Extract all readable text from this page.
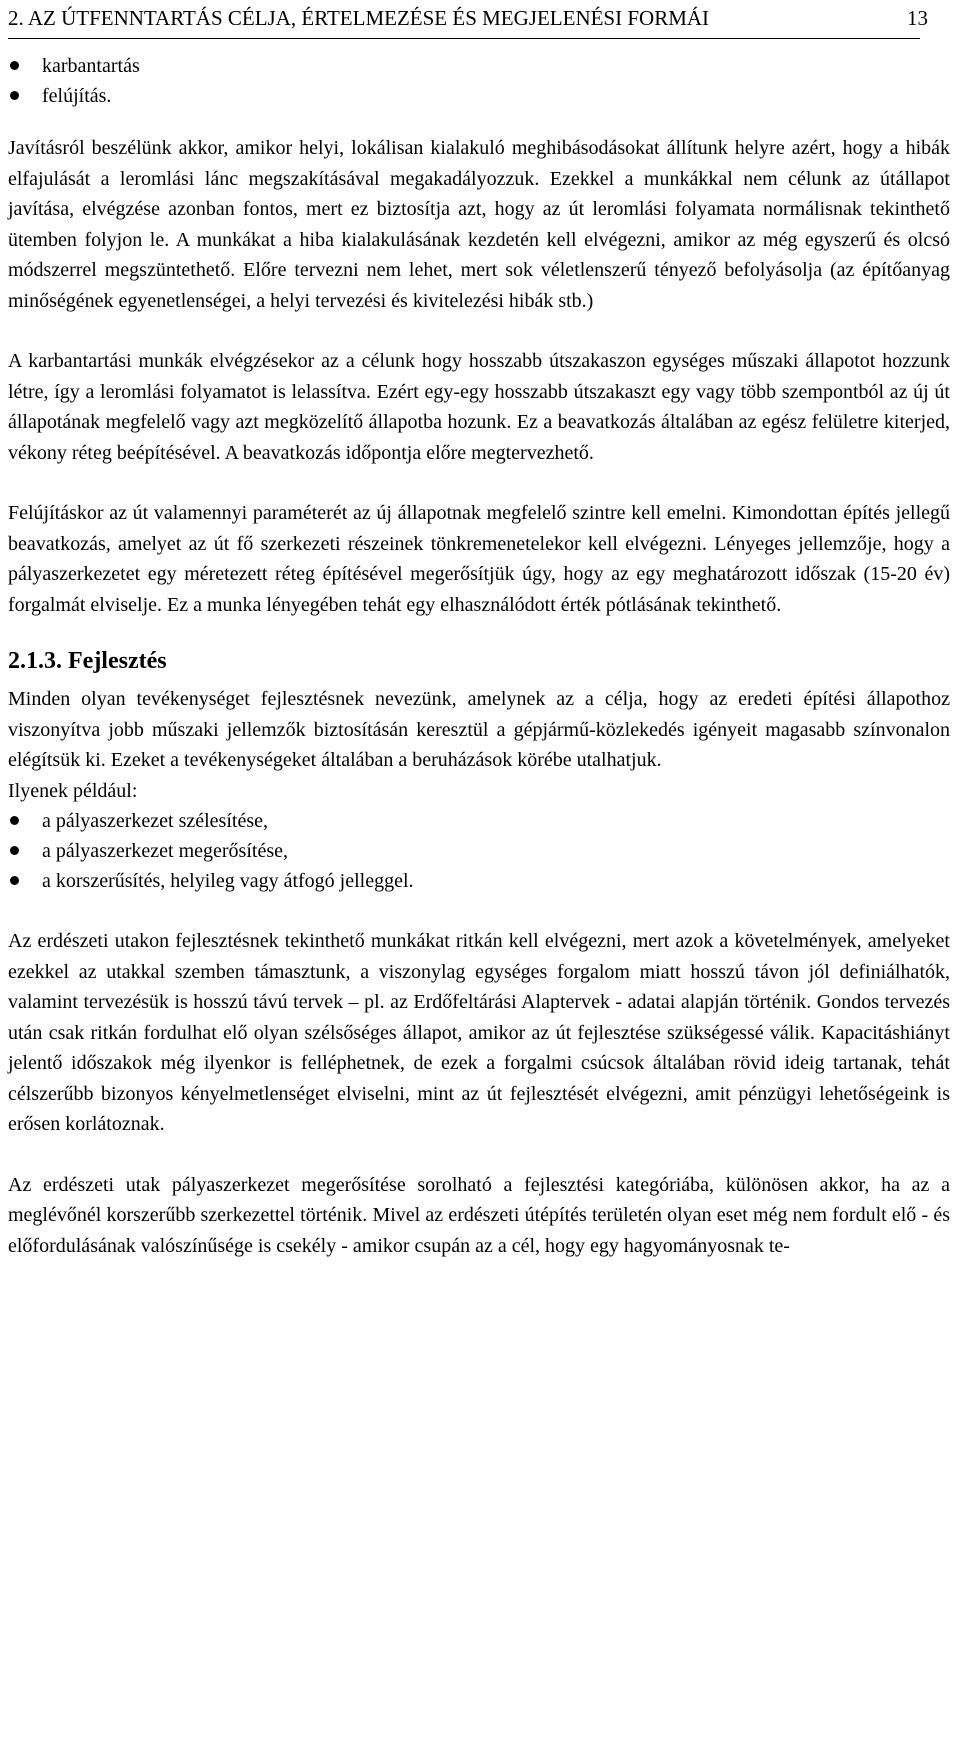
2. AZ ÚTFENNTARTÁS CÉLJA, ÉRTELMEZÉSE ÉS MEGJELENÉSI FORMÁI	13
karbantartás
felújítás.

Javításról beszélünk akkor, amikor helyi, lokálisan kialakuló meghibásodásokat állítunk helyre azért, hogy a hibák elfajulását a leromlási lánc megszakításával megakadályozzuk. Ezekkel a munkákkal nem célunk az útállapot javítása, elvégzése azonban fontos, mert ez biztosítja azt, hogy az út leromlási folyamata normálisnak tekinthető ütemben folyjon le. A munkákat a hiba kialakulásának kezdetén kell elvégezni, amikor az még egyszerű és olcsó módszerrel megszüntethető. Előre tervezni nem lehet, mert sok véletlenszerű tényező befolyásolja (az építőanyag minőségének egyenetlenségei, a helyi tervezési és kivitelezési hibák stb.)

A karbantartási munkák elvégzésekor az a célunk hogy hosszabb útszakaszon egységes műszaki állapotot hozzunk létre, így a leromlási folyamatot is lelassítva. Ezért egy-egy hosszabb útszakaszt egy vagy több szempontból az új út állapotának megfelelő vagy azt megközelítő állapotba hozunk. Ez a beavatkozás általában az egész felületre kiterjed, vékony réteg beépítésével. A beavatkozás időpontja előre megtervezhető.

Felújításkor az út valamennyi paraméterét az új állapotnak megfelelő szintre kell emelni. Kimondottan építés jellegű beavatkozás, amelyet az út fő szerkezeti részeinek tönkremenetelekor kell elvégezni. Lényeges jellemzője, hogy a pályaszerkezetet egy méretezett réteg építésével megerősítjük úgy, hogy az egy meghatározott időszak (15-20 év) forgalmát elviselje. Ez a munka lényegében tehát egy elhasználódott érték pótlásának tekinthető.

2.1.3. Fejlesztés

Minden olyan tevékenységet fejlesztésnek nevezünk, amelynek az a célja, hogy az eredeti építési állapothoz viszonyítva jobb műszaki jellemzők biztosításán keresztül a gépjármű-közlekedés igényeit magasabb színvonalon elégítsük ki. Ezeket a tevékenységeket általában a beruházások körébe utalhatjuk.

Ilyenek például:

a pályaszerkezet szélesítése,
a pályaszerkezet megerősítése,
a korszerűsítés, helyileg vagy átfogó jelleggel.

Az erdészeti utakon fejlesztésnek tekinthető munkákat ritkán kell elvégezni, mert azok a követelmények, amelyeket ezekkel az utakkal szemben támasztunk, a viszonylag egységes forgalom miatt hosszú távon jól definiálhatók, valamint tervezésük is hosszú távú tervek – pl. az Erdőfeltárási Alaptervek - adatai alapján történik. Gondos tervezés után csak ritkán fordulhat elő olyan szélsőséges állapot, amikor az út fejlesztése szükségessé válik. Kapacitáshiányt jelentő időszakok még ilyenkor is felléphetnek, de ezek a forgalmi csúcsok általában rövid ideig tartanak, tehát célszerűbb bizonyos kényelmetlenséget elviselni, mint az út fejlesztését elvégezni, amit pénzügyi lehetőségeink is erősen korlátoznak.

Az erdészeti utak pályaszerkezet megerősítése sorolható a fejlesztési kategóriába, különösen akkor, ha az a meglévőnél korszerűbb szerkezettel történik. Mivel az erdészeti útépítés területén olyan eset még nem fordult elő - és előfordulásának valószínűsége is csekély - amikor csupán az a cél, hogy egy hagyományosnak te-
